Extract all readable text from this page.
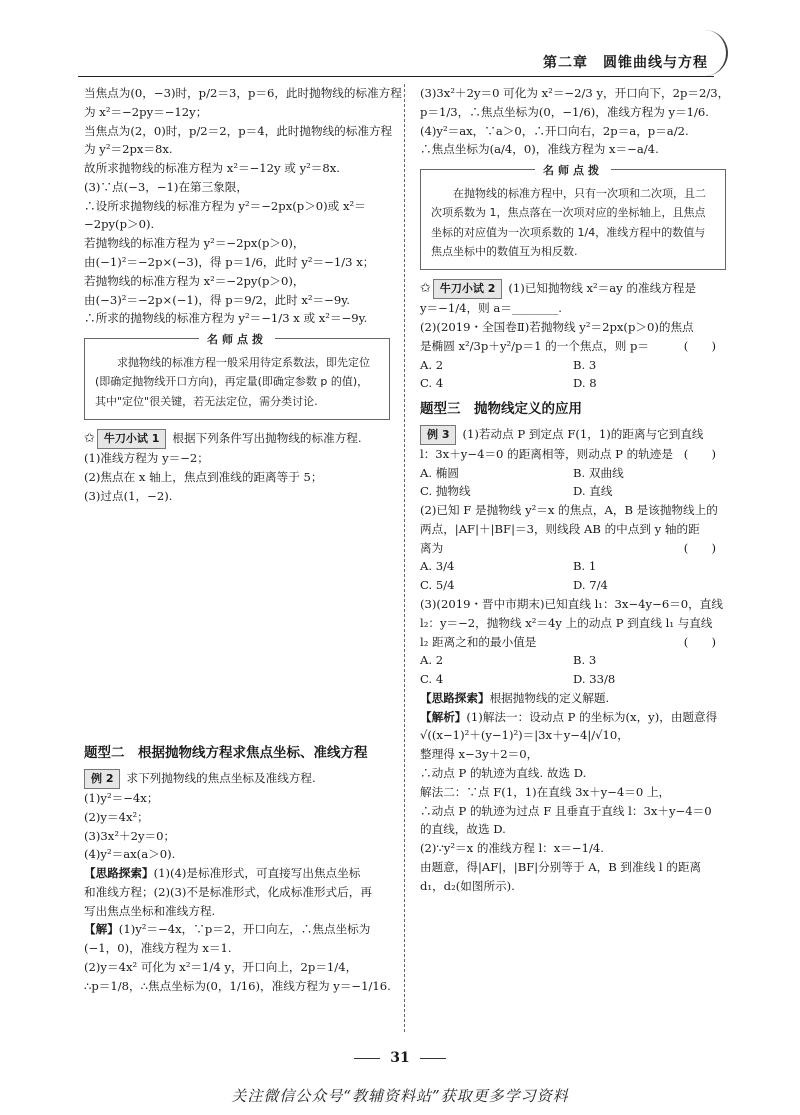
第二章　圆锥曲线与方程
当焦点为(0，−3)时，p/2＝3，p＝6，此时抛物线的标准方程
为 x²＝−2py＝−12y；
当焦点为(2，0)时，p/2＝2，p＝4，此时抛物线的标准方程
为 y²＝2px＝8x.
故所求抛物线的标准方程为 x²＝−12y 或 y²＝8x.
(3)∵点(−3，−1)在第三象限，
∴设所求抛物线的标准方程为 y²＝−2px(p＞0)或 x²＝
−2py(p＞0).
若抛物线的标准方程为 y²＝−2px(p＞0)，
由(−1)²＝−2p×(−3)，得 p＝1/6，此时 y²＝−1/3 x；
若抛物线的标准方程为 x²＝−2py(p＞0)，
由(−3)²＝−2p×(−1)，得 p＝9/2，此时 x²＝−9y.
∴所求的抛物线的标准方程为 y²＝−1/3 x 或 x²＝−9y.
名师点拨
求抛物线的标准方程一般采用待定系数法，即先定位(即确定抛物线开口方向)，再定量(即确定参数 p 的值)，其中"定位"很关键，若无法定位，需分类讨论.
✩ 牛刀小试 1 根据下列条件写出抛物线的标准方程.
(1)准线方程为 y＝−2；
(2)焦点在 x 轴上，焦点到准线的距离等于 5；
(3)过点(1，−2).
题型二　根据抛物线方程求焦点坐标、准线方程
例 2 求下列抛物线的焦点坐标及准线方程.
(1)y²＝−4x；
(2)y＝4x²；
(3)3x²＋2y＝0；
(4)y²＝ax(a＞0).
【思路探索】(1)(4)是标准形式，可直接写出焦点坐标
和准线方程；(2)(3)不是标准形式，化成标准形式后，再
写出焦点坐标和准线方程.
【解】(1)y²＝−4x，∵p＝2，开口向左，∴焦点坐标为
(−1，0)，准线方程为 x＝1.
(2)y＝4x² 可化为 x²＝1/4 y，开口向上，2p＝1/4，
∴p＝1/8，∴焦点坐标为(0，1/16)，准线方程为 y＝−1/16.
(3)3x²＋2y＝0 可化为 x²＝−2/3 y，开口向下，2p＝2/3，
p＝1/3，∴焦点坐标为(0，−1/6)，准线方程为 y＝1/6.
(4)y²＝ax，∵a＞0，∴开口向右，2p＝a，p＝a/2.
∴焦点坐标为(a/4，0)，准线方程为 x＝−a/4.
名师点拨
在抛物线的标准方程中，只有一次项和二次项，且二次项系数为 1，焦点落在一次项对应的坐标轴上，且焦点坐标的对应值为一次项系数的 1/4，准线方程中的数值与焦点坐标中的数值互为相反数.
✩ 牛刀小试 2 (1)已知抛物线 x²＝ay 的准线方程是
y＝−1/4，则 a＝________.
(2)(2019・全国卷Ⅱ)若抛物线 y²＝2px(p＞0)的焦点
是椭圆 x²/3p＋y²/p＝1 的一个焦点，则 p＝	(　　)
A. 2	B. 3
C. 4	D. 8
题型三　抛物线定义的应用
例 3 (1)若动点 P 到定点 F(1，1)的距离与它到直线
l：3x＋y−4＝0 的距离相等，则动点 P 的轨迹是 (　　)
A. 椭圆	B. 双曲线
C. 抛物线	D. 直线
(2)已知 F 是抛物线 y²＝x 的焦点，A，B 是该抛物线上的
两点，|AF|＋|BF|＝3，则线段 AB 的中点到 y 轴的距
离为	(　　)
A. 3/4	B. 1
C. 5/4	D. 7/4
(3)(2019・晋中市期末)已知直线 l₁：3x−4y−6＝0，直线
l₂：y＝−2，抛物线 x²＝4y 上的动点 P 到直线 l₁ 与直线
l₂ 距离之和的最小值是	(　　)
A. 2	B. 3
C. 4	D. 33/8
【思路探索】根据抛物线的定义解题.
【解析】(1)解法一：设动点 P 的坐标为(x，y)，由题意得
√((x−1)²＋(y−1)²)＝|3x＋y−4|/√10，
整理得 x−3y＋2＝0，
∴动点 P 的轨迹为直线. 故选 D.
解法二：∵点 F(1，1)在直线 3x＋y−4＝0 上，
∴动点 P 的轨迹为过点 F 且垂直于直线 l：3x＋y−4＝0
的直线，故选 D.
(2)∵y²＝x 的准线方程 l：x＝−1/4.
由题意，得|AF|，|BF|分别等于 A，B 到准线 l 的距离
d₁，d₂(如图所示).
31
关注微信公众号“教辅资料站”获取更多学习资料
